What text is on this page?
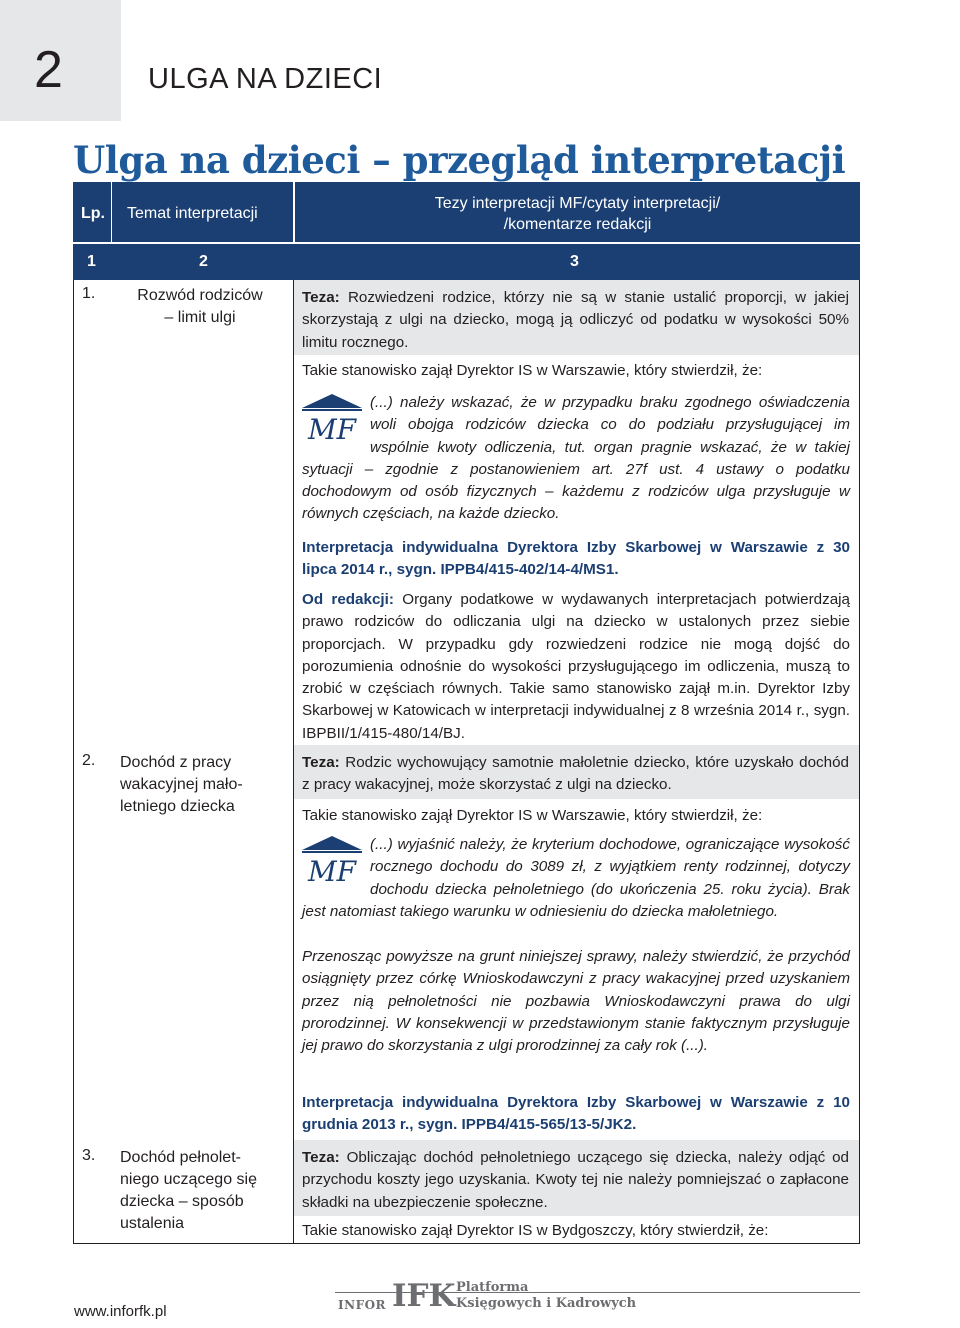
2	ULGA NA DZIECI
Ulga na dzieci – przegląd interpretacji
Lp. Temat interpretacji
Tezy interpretacji MF/cytaty interpretacji/
/komentarze redakcji
1	2	3
1.	Rozwód rodziców
– limit ulgi
Teza: Rozwiedzeni rodzice, którzy nie są w stanie ustalić proporcji, w jakiej skorzystają z ulgi na dziecko, mogą ją odliczyć od podatku w wysokości 50% limitu rocznego.
Takie stanowisko zajął Dyrektor IS w Warszawie, który stwierdził, że:
MF
(...) należy wskazać, że w przypadku braku zgodnego oświadczenia woli obojga rodziców dziecka co do podziału przysługującej im wspólnie kwoty odliczenia, tut. organ pragnie wskazać, że w takiej sytuacji – zgodnie z postanowieniem art. 27f ust. 4 ustawy o podatku dochodowym od osób fizycznych – każdemu z rodziców ulga przysługuje w równych częściach, na każde dziecko.
Interpretacja indywidualna Dyrektora Izby Skarbowej w Warszawie z 30 lipca 2014 r., sygn. IPPB4/415-402/14-4/MS1.
Od redakcji: Organy podatkowe w wydawanych interpretacjach potwierdzają prawo rodziców do odliczania ulgi na dziecko w ustalonych przez siebie proporcjach. W przypadku gdy rozwiedzeni rodzice nie mogą dojść do porozumienia odnośnie do wysokości przysługującego im odliczenia, muszą to zrobić w częściach równych. Takie samo stanowisko zajął m.in. Dyrektor Izby Skarbowej w Katowicach w interpretacji indywidualnej z 8 września 2014 r., sygn. IBPBII/1/415-480/14/BJ.
2. Dochód z pracy
wakacyjnej mało-
letniego dziecka
Teza: Rodzic wychowujący samotnie małoletnie dziecko, które uzyskało dochód z pracy wakacyjnej, może skorzystać z ulgi na dziecko.
Takie stanowisko zajął Dyrektor IS w Warszawie, który stwierdził, że:
MF
(...) wyjaśnić należy, że kryterium dochodowe, ograniczające wysokość rocznego dochodu do 3089 zł, z wyjątkiem renty rodzinnej, dotyczy dochodu dziecka pełnoletniego (do ukończenia 25. roku życia). Brak jest natomiast takiego warunku w odniesieniu do dziecka małoletniego.
Przenosząc powyższe na grunt niniejszej sprawy, należy stwierdzić, że przychód osiągnięty przez córkę Wnioskodawczyni z pracy wakacyjnej przed uzyskaniem przez nią pełnoletności nie pozbawia Wnioskodawczyni prawa do ulgi prorodzinnej. W konsekwencji w przedstawionym stanie faktycznym przysługuje jej prawo do skorzystania z ulgi prorodzinnej za cały rok (...).
Interpretacja indywidualna Dyrektora Izby Skarbowej w Warszawie z 10 grudnia 2013 r., sygn. IPPB4/415-565/13-5/JK2.
3. Dochód pełnolet-
niego uczącego się
dziecka – sposób
ustalenia
Teza: Obliczając dochód pełnoletniego uczącego się dziecka, należy odjąć od przychodu koszty jego uzyskania. Kwoty tej nie należy pomniejszać o zapłacone składki na ubezpieczenie społeczne.
Takie stanowisko zajął Dyrektor IS w Bydgoszczy, który stwierdził, że:
www.inforfk.pl	INFOR IFK Platforma
Księgowych i Kadrowych
